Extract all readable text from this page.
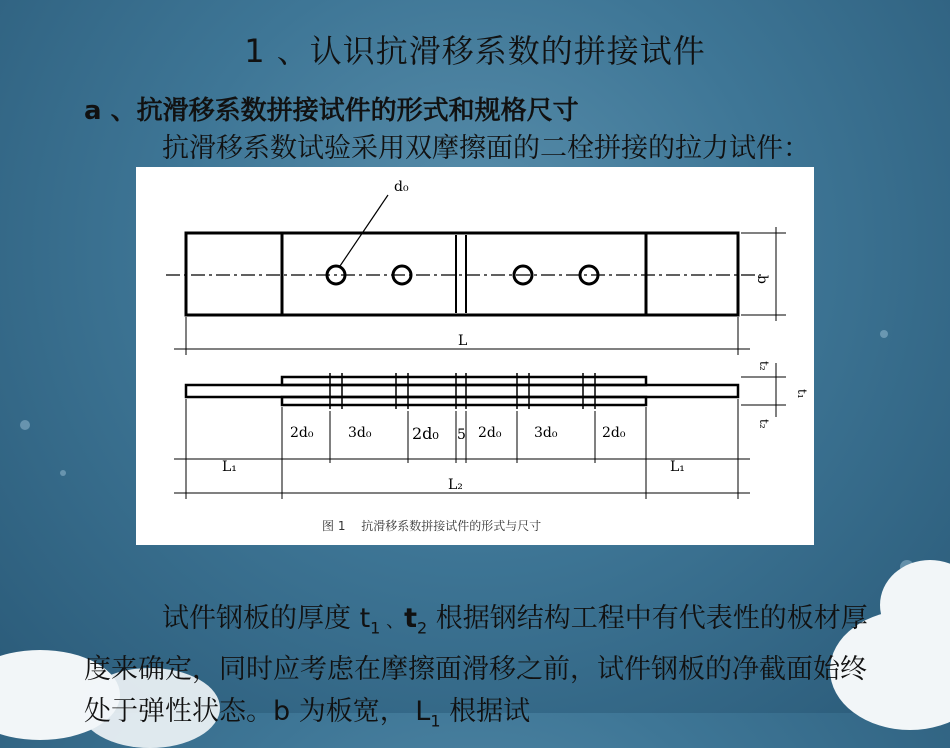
1 、认识抗滑移系数的拼接试件
a 、抗滑移系数拼接试件的形式和规格尺寸
抗滑移系数试验采用双摩擦面的二栓拼接的拉力试件：
d₀
b
L
t₂
t₁
t₂
2d₀ 3d₀	2d₀ 5 2d₀ 3d₀	2d₀
L₁	L₁
L₂
图 1　 抗滑移系数拼接试件的形式与尺寸
试件钢板的厚度 $t_1$ 、$t_2$ 根据钢结构工程中有代表性的板材厚度来确定，同时应考虑在摩擦面滑移之前，试件钢板的净截面始终处于弹性状态。b 为板宽， $L_1$ 根据试
